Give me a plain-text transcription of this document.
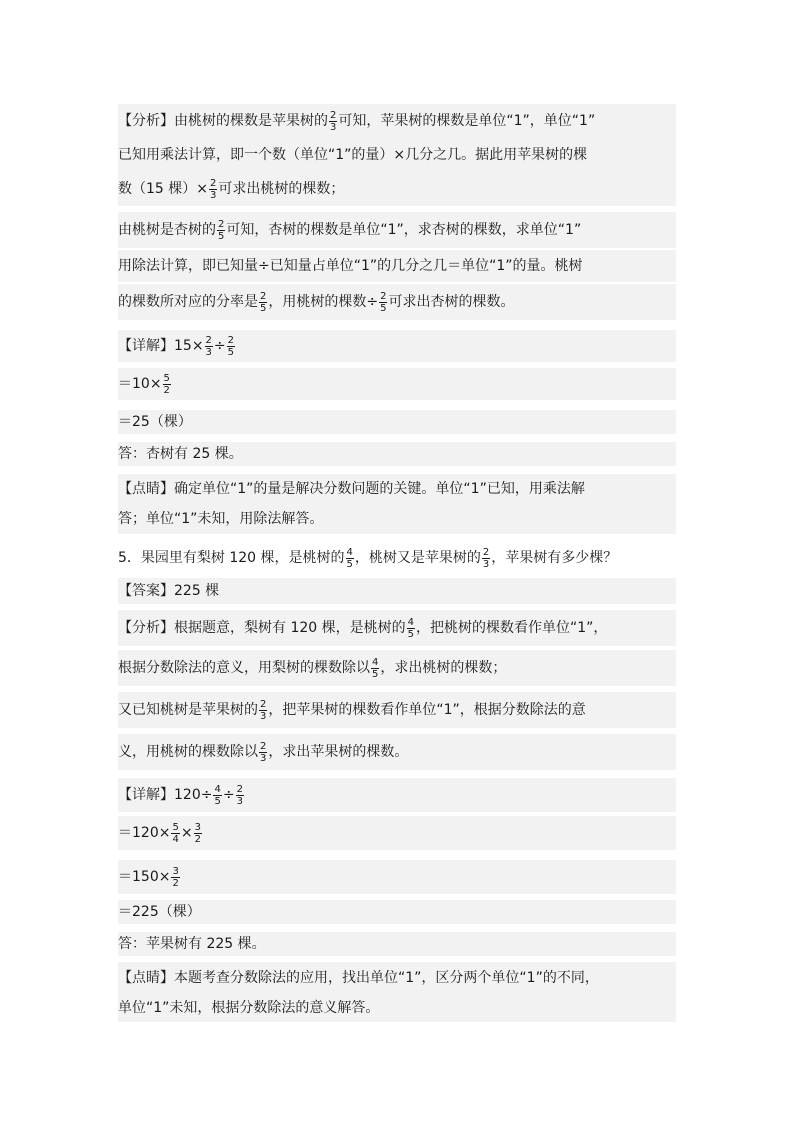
【分析】由桃树的棵数是苹果树的 $\frac{2}{3}$ 可知，苹果树的棵数是单位“1”，单位“1”
已知用乘法计算，即一个数（单位“1”的量）×几分之几。据此用苹果树的棵
数（15 棵）× $\frac{2}{3}$ 可求出桃树的棵数；
由桃树是杏树的 $\frac{2}{5}$ 可知，杏树的棵数是单位“1”，求杏树的棵数，求单位“1”
用除法计算，即已知量÷已知量占单位“1”的几分之几＝单位“1”的量。桃树
的棵数所对应的分率是 $\frac{2}{5}$ ，用桃树的棵数÷ $\frac{2}{5}$ 可求出杏树的棵数。
【详解】$15\times \frac{2}{3} \div \frac{2}{5}$
$=10\times \frac{5}{2}$
＝25（棵）
答：杏树有 25 棵。
【点睛】确定单位“1”的量是解决分数问题的关键。单位“1”已知，用乘法解
答；单位“1”未知，用除法解答。
5．果园里有梨树 120 棵，是桃树的 $\frac{4}{5}$ ，桃树又是苹果树的 $\frac{2}{3}$ ，苹果树有多少棵？
【答案】225 棵
【分析】根据题意，梨树有 120 棵，是桃树的 $\frac{4}{5}$ ，把桃树的棵数看作单位“1”，
根据分数除法的意义，用梨树的棵数除以 $\frac{4}{5}$ ，求出桃树的棵数；
又已知桃树是苹果树的 $\frac{2}{3}$ ，把苹果树的棵数看作单位“1”，根据分数除法的意
义，用桃树的棵数除以 $\frac{2}{3}$ ，求出苹果树的棵数。
【详解】$120\div \frac{4}{5} \div \frac{2}{3}$
$=120\times \frac{5}{4} \times \frac{3}{2}$
$=150\times \frac{3}{2}$
＝225（棵）
答：苹果树有 225 棵。
【点睛】本题考查分数除法的应用，找出单位“1”，区分两个单位“1”的不同，
单位“1”未知，根据分数除法的意义解答。
